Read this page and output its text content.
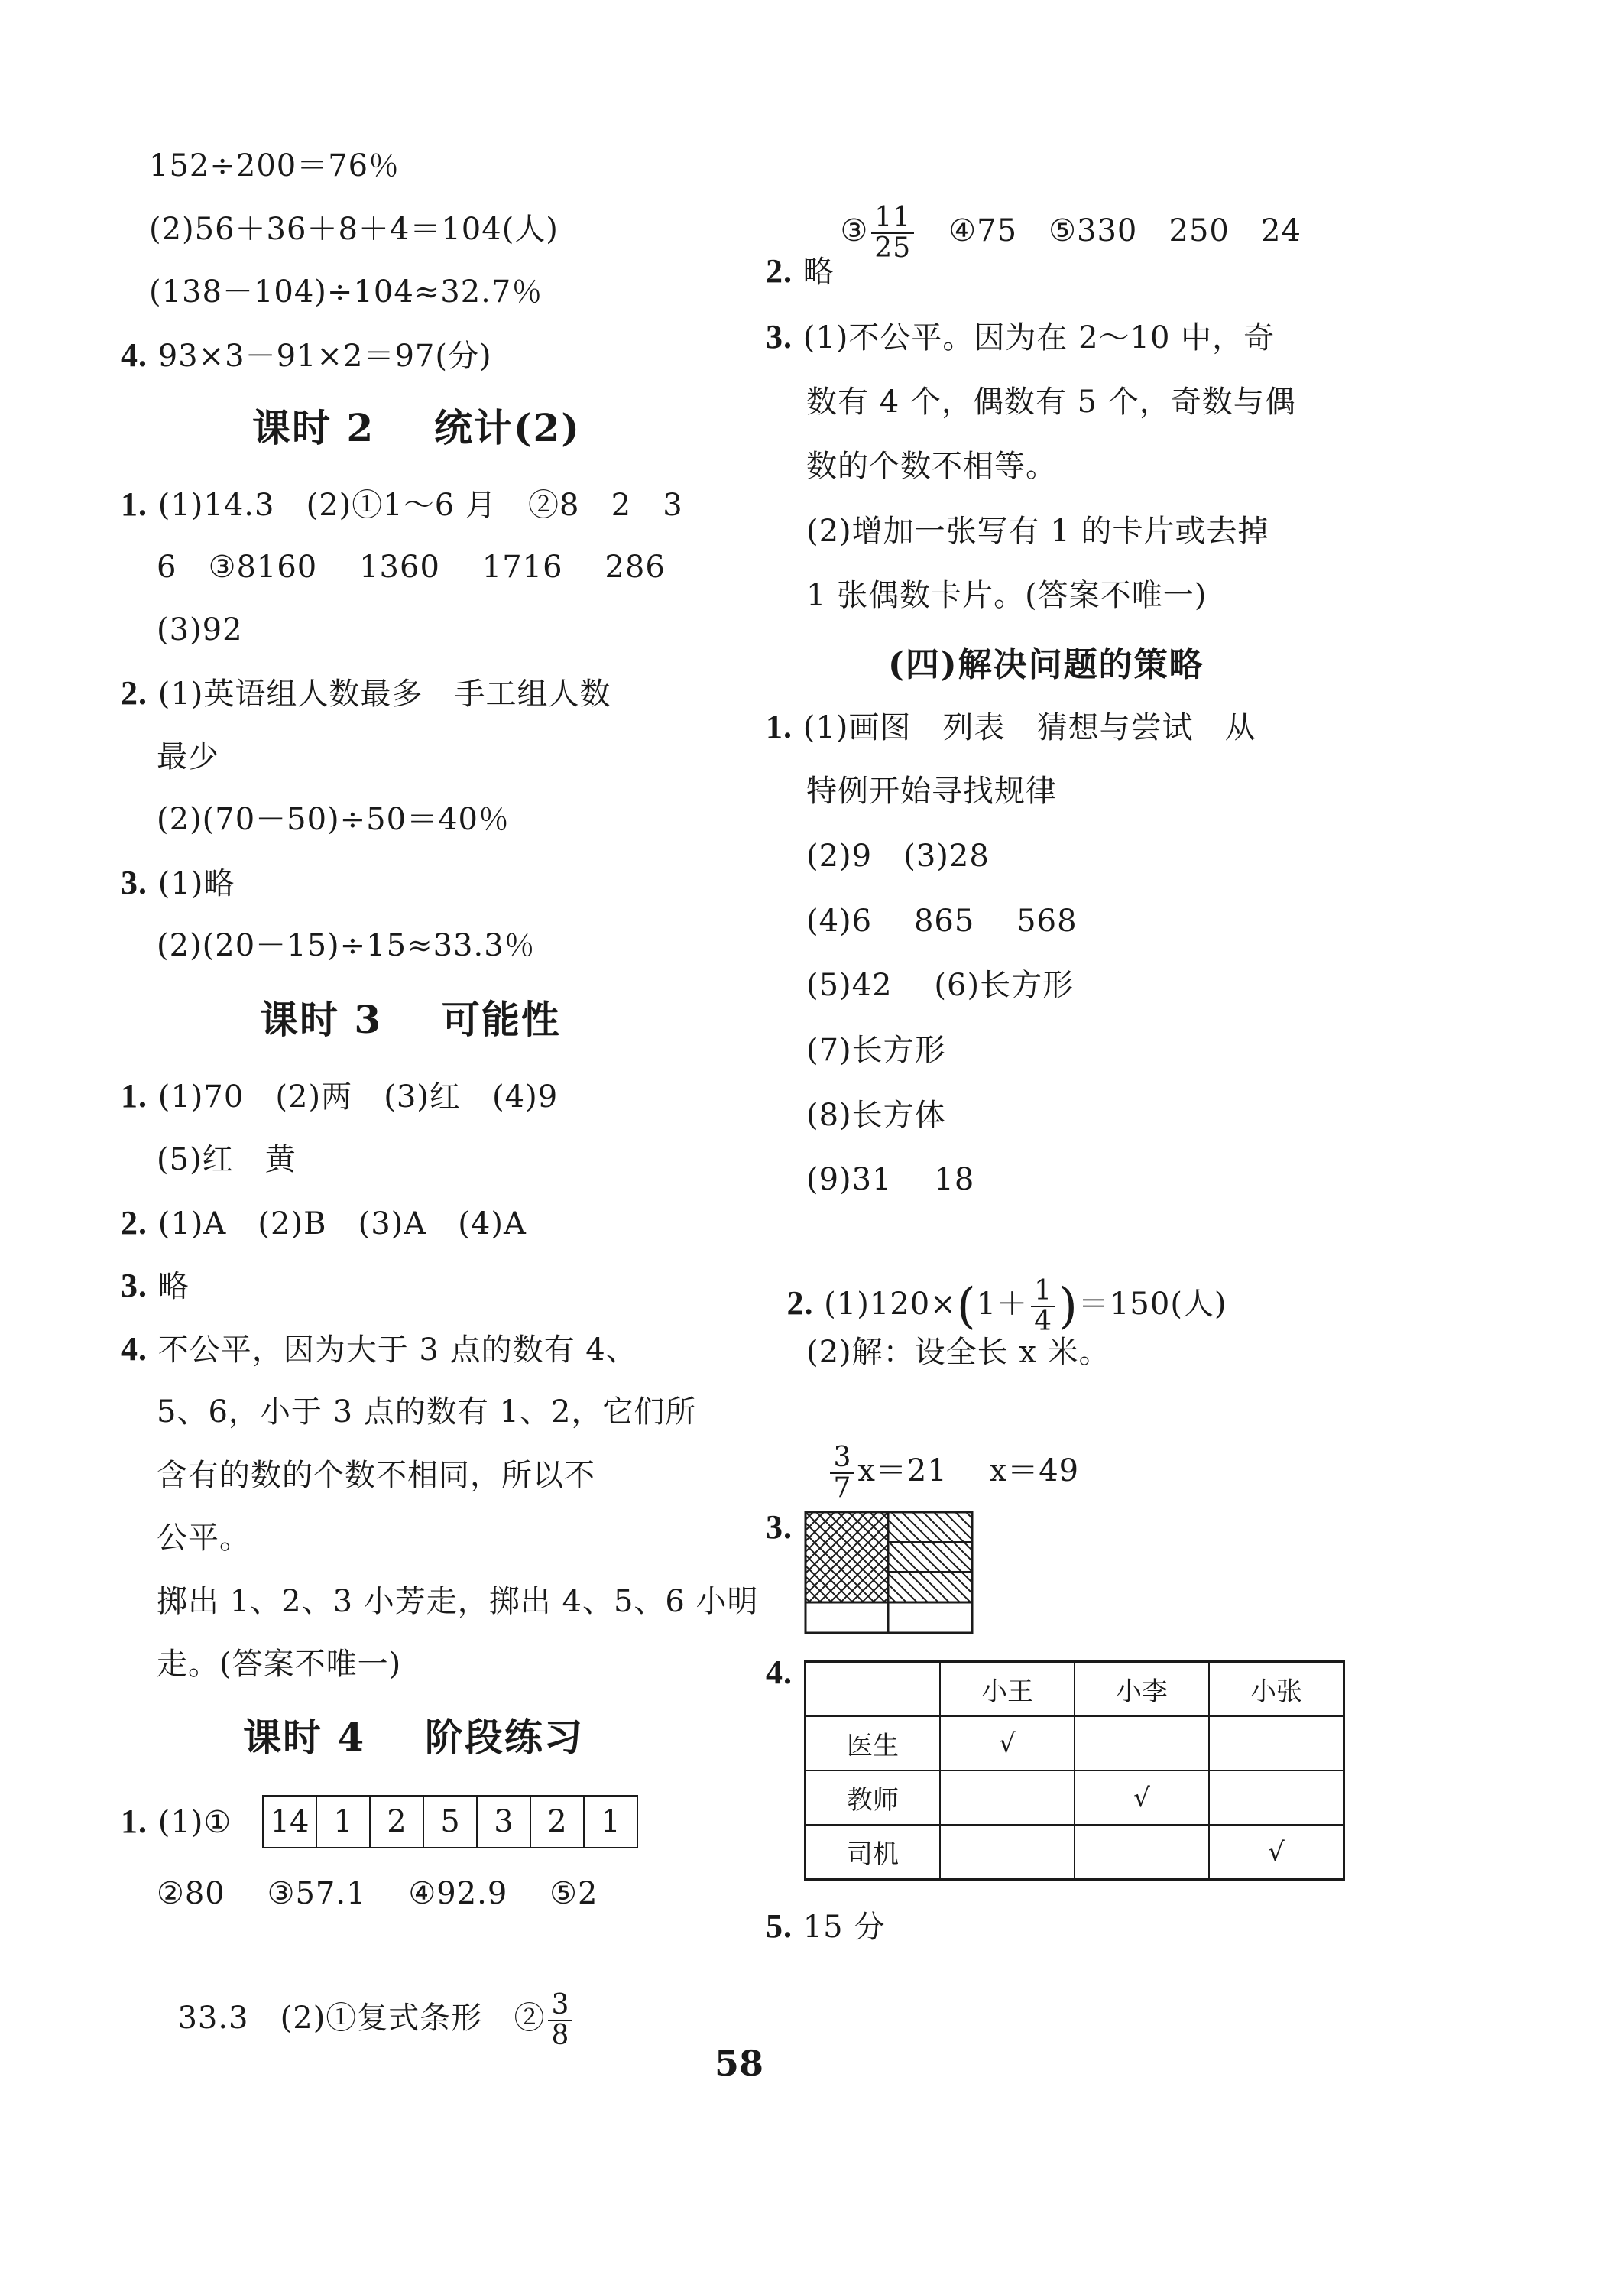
152÷200＝76％
(2)56＋36＋8＋4＝104(人)
(138－104)÷104≈32.7％
4. 93×3－91×2＝97(分)
课时 2    统计(2)
1. (1)14.3   (2)①1～6 月   ②8   2   3
6   ③8160    1360    1716    286
(3)92
2. (1)英语组人数最多   手工组人数
最少
(2)(70－50)÷50＝40％
3. (1)略
(2)(20－15)÷15≈33.3％
课时 3    可能性
1. (1)70   (2)两   (3)红   (4)9
(5)红   黄
2. (1)A   (2)B   (3)A   (4)A
3. 略
4. 不公平，因为大于 3 点的数有 4、
5、6，小于 3 点的数有 1、2，它们所
含有的数的个数不相同，所以不
公平。
掷出 1、2、3 小芳走，掷出 4、5、6 小明
走。(答案不唯一)
课时 4    阶段练习
1. (1)① 14 1	2	5	3	2	1
②80    ③57.1    ④92.9    ⑤2

33.3   (2)①复式条形   ② $\frac{3}{8}$

③ $\frac{11}{25}$ ④75   ⑤330   250   24

2. 略
3. (1)不公平。因为在 2～10 中，奇
数有 4 个，偶数有 5 个，奇数与偶
数的个数不相等。
(2)增加一张写有 1 的卡片或去掉
1 张偶数卡片。(答案不唯一)
(四)解决问题的策略
1. (1)画图   列表   猜想与尝试   从
特例开始寻找规律
(2)9   (3)28
(4)6    865    568
(5)42    (6)长方形
(7)长方形
(8)长方体
(9)31    18

2. $(1)120\times(1+ \frac{1}{4} )=150$(人)

(2)解：设全长 x 米。

$\frac{3}{7} x=21$    x＝49

3.
4.
	小王	小李	小张
医生	√		
教师		√	
司机			√
5. 15 分
58
